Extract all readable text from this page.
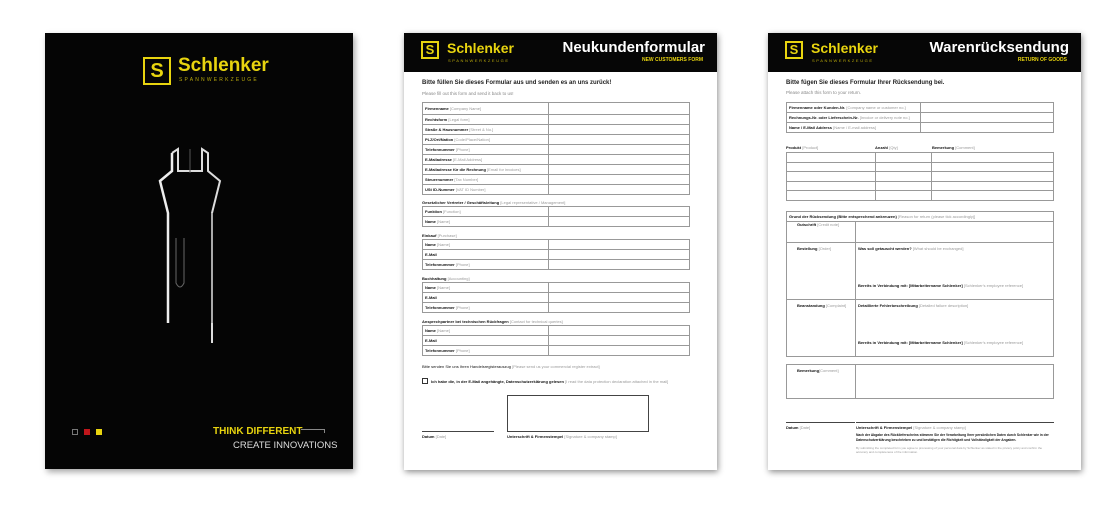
S Schlenker
SPANNWERKZEUGE
THINK DIFFERENT
CREATE INNOVATIONS
S Schlenker
SPANNWERKZEUGE
Neukundenformular
NEW CUSTOMERS FORM
Bitte füllen Sie dieses Formular aus und senden es an uns zurück!
Please fill out this form and send it back to us!
Firmenname [Company Name]	
Rechtsform [Legal form]	
Straße & Hausnummer [Street & No.]	
PLZ/Ort/Nation [Code/Place/Nation]	
Telefonnummer [Phone]	
E-Mailadresse [E-Mail Address]	
E-Mailadresse für die Rechnung [Email for invoices]	
Steuernummer [Tax Number]	
USt ID-Nummer [VAT ID Number]	
Gesetzlicher Vertreter / Geschäftsleitung [Legal representative / Management]
Funktion [Function]	
Name [Name]	
Einkauf [Purchase]
Name [Name]	
E-Mail	
Telefonnummer [Phone]	
Buchhaltung [Accounting]
Name [Name]	
E-Mail	
Telefonnummer [Phone]	
Ansprechpartner bei technischen Rückfragen [Contact for technical queries]
Name [Name]	
E-Mail	
Telefonnummer [Phone]	
Bitte senden Sie uns Ihren Handelsregisterauszug [Please send us your commercial register extract]
Ich habe die, in der E-Mail angehängte, Datenschutzerklärung gelesen [I read the data protection declaration attached in the mail]
Datum [Date]	Unterschrift & Firmenstempel [Signature & company stamp]
S Schlenker
SPANNWERKZEUGE
Warenrücksendung
RETURN OF GOODS
Bitte fügen Sie dieses Formular Ihrer Rücksendung bei.
Please attach this form to your return.
Firmenname oder Kunden-Nr. [Company name or customer no.]	
Rechnungs-Nr. oder Lieferschein-Nr. [Invoice or delivery note no.]	
Name / E-Mail Address [Name / E-mail address]	
Produkt [Product]	Anzahl [Qty]	Bemerkung [Comment]

Grund der Rücksendung (Bitte entsprechend ankreuzen) [Reason for return (please tick accordingly)]	
Gutschrift [Credit note]	
Bestellung [Order]	Was soll getauscht werden? [What should be exchanged]
Bereits in Verbindung mit: [Mitarbeitername Schlenker] [Schlenker's employee reference]

Beanstandung [Complaint]	Detaillierte Fehlerbeschreibung [Detailed failure description]
Bereits in Verbindung mit: [Mitarbeitername Schlenker] [Schlenker's employee reference]
Bemerkung[Comment]	
Datum [Date]	Unterschrift & Firmenstempel [Signature & company stamp]
Nach der Abgabe des Rücklieferscheins stimmen Sie der Verarbeitung Ihrer persönlichen Daten durch Schlenker wie in der Datenschutzerklärung beschrieben zu und bestätigen die Richtigkeit und Vollständigkeit der Angaben.
By submitting the completed form you agree to processing of your personal data by Schlenker as stated in the privacy policy and confirm the accuracy and completeness of the information.
